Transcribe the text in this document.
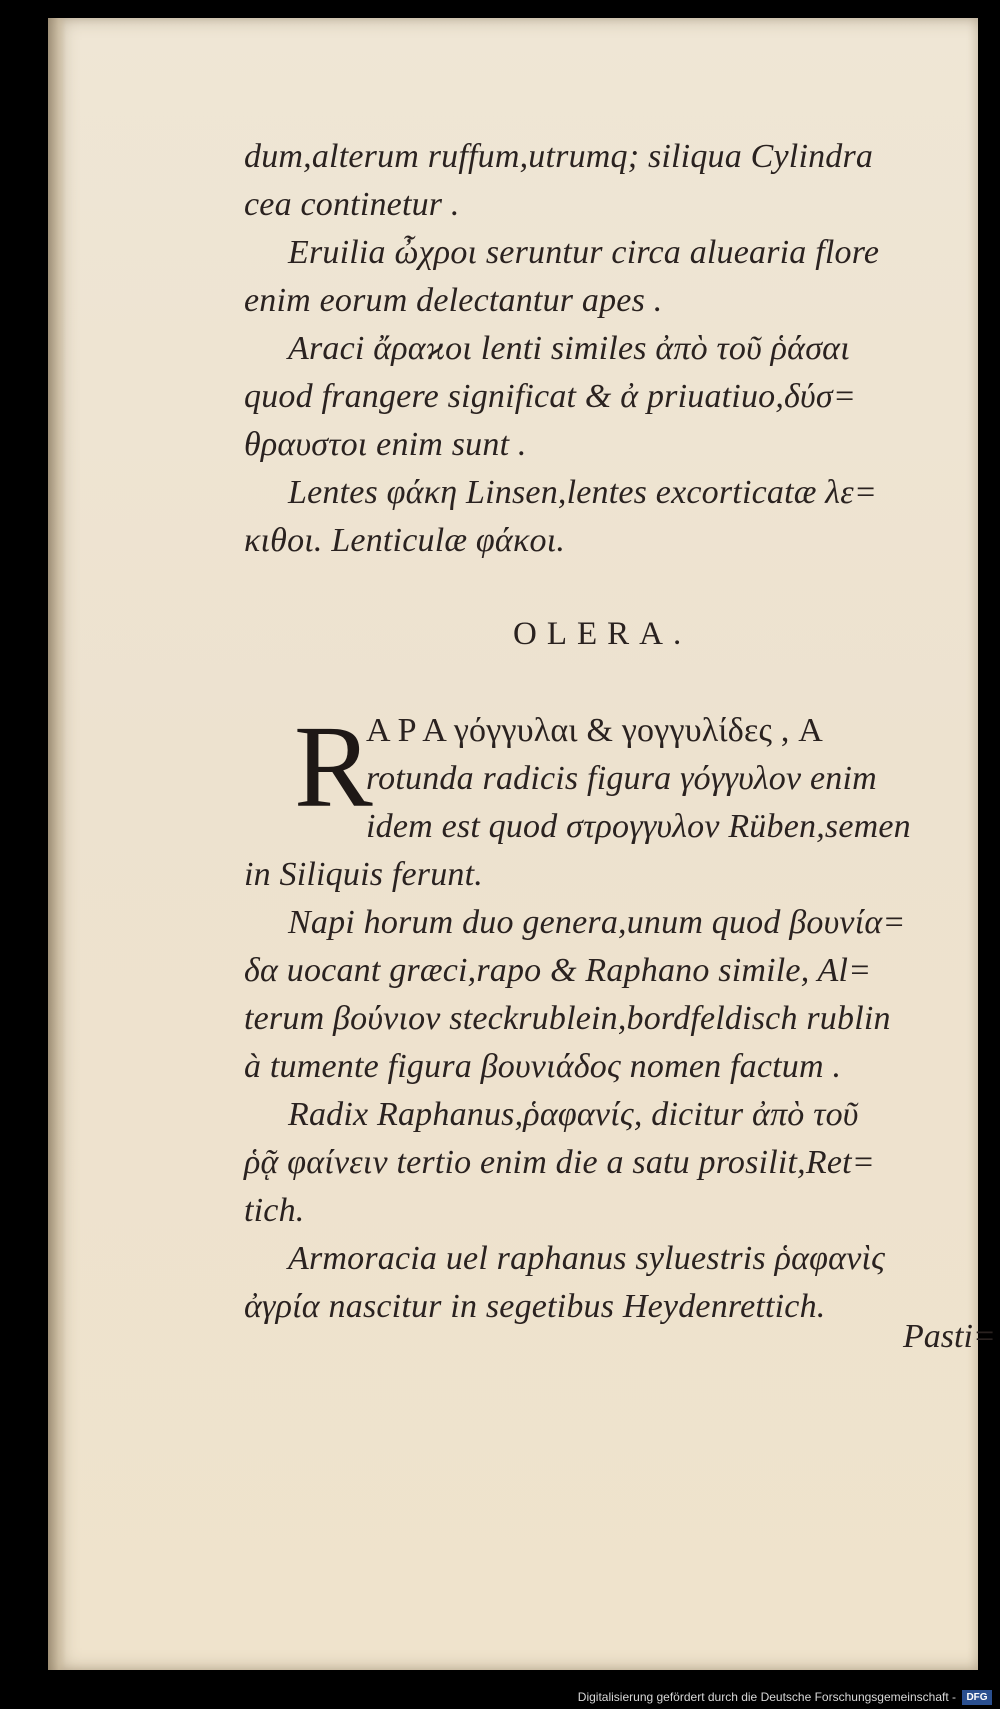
dum,alterum ruffum,utrumq; siliqua Cylindra
cea continetur .
Eruilia ὦχροι seruntur circa aluearia flore
enim eorum delectantur apes .
Araci ἄραϰοι lenti similes ἀπὸ τοῦ ῥάσαι
quod frangere significat & ἀ priuatiuo,δύσ=
θραυστοι enim sunt .
Lentes φάκη Linsen,lentes excorticatæ λε=
κιθοι. Lenticulæ φάκοι.
OLERA.
R
A P A γόγγυλαι & γογγυλίδες , A
rotunda radicis figura γόγγυλον enim
idem est quod στρογγυλον Rüben,semen
in Siliquis ferunt.
Napi horum duo genera,unum quod βουνία=
δα uocant græci,rapo & Raphano simile, Al=
terum βούνιον steckrublein,bordfeldisch rublin
à tumente figura βουνιάδος nomen factum .
Radix Raphanus,ῥαφανίς, dicitur ἀπὸ τοῦ
ῥᾷ φαίνειν tertio enim die a satu prosilit,Ret=
tich.
Armoracia uel raphanus syluestris ῥαφανὶς
ἀγρία nascitur in segetibus Heydenrettich.
Pasti=
Digitalisierung gefördert durch die Deutsche Forschungsgemeinschaft -	DFG
